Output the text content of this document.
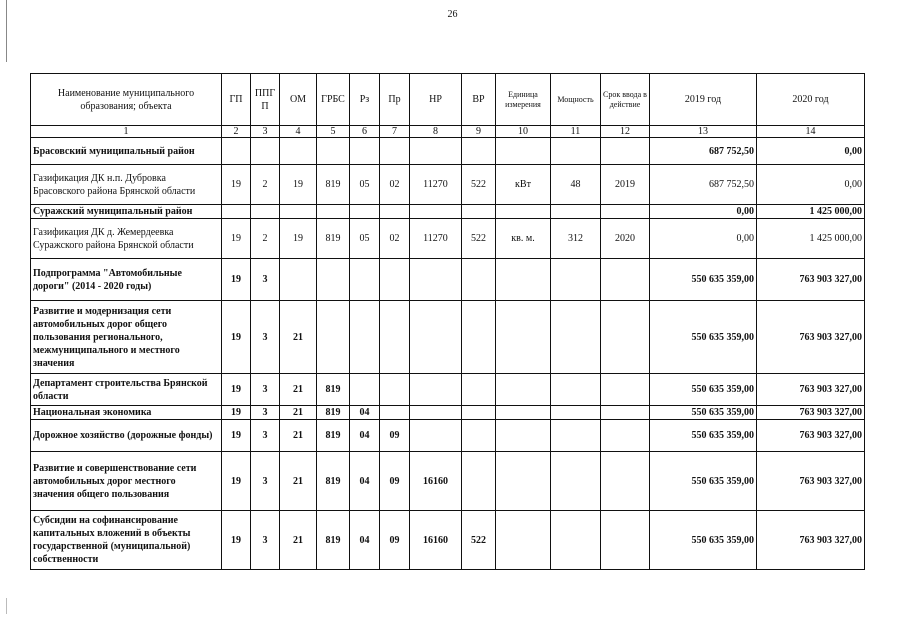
26
Наименование муниципального образования; объекта	ГП	ППГ П	ОМ	ГРБС	Рз	Пр	НР	ВР	Единица измерения	Мощность	Срок ввода в действие	2019 год	2020 год
1	2	3	4	5	6	7	8	9	10	11	12	13	14
Брасовский муниципальный район												687 752,50	0,00
Газификация ДК н.п. Дубровка Брасовского района Брянской области	19	2	19	819	05	02	11270	522	кВт	48	2019	687 752,50	0,00
Суражский муниципальный район												0,00	1 425 000,00
Газификация ДК д. Жемердеевка Суражского района Брянской области	19	2	19	819	05	02	11270	522	кв. м.	312	2020	0,00	1 425 000,00
Подпрограмма "Автомобильные дороги" (2014 - 2020 годы)	19	3										550 635 359,00	763 903 327,00
Развитие и модернизация сети автомобильных дорог общего пользования регионального, межмуниципального и местного значения	19	3	21									550 635 359,00	763 903 327,00
Департамент строительства Брянской области	19	3	21	819								550 635 359,00	763 903 327,00
Национальная экономика	19	3	21	819	04							550 635 359,00	763 903 327,00
Дорожное хозяйство (дорожные фонды)	19	3	21	819	04	09						550 635 359,00	763 903 327,00
Развитие и совершенствование сети автомобильных дорог местного значения общего пользования	19	3	21	819	04	09	16160					550 635 359,00	763 903 327,00
Субсидии на софинансирование капитальных вложений в объекты государственной (муниципальной) собственности	19	3	21	819	04	09	16160	522				550 635 359,00	763 903 327,00
